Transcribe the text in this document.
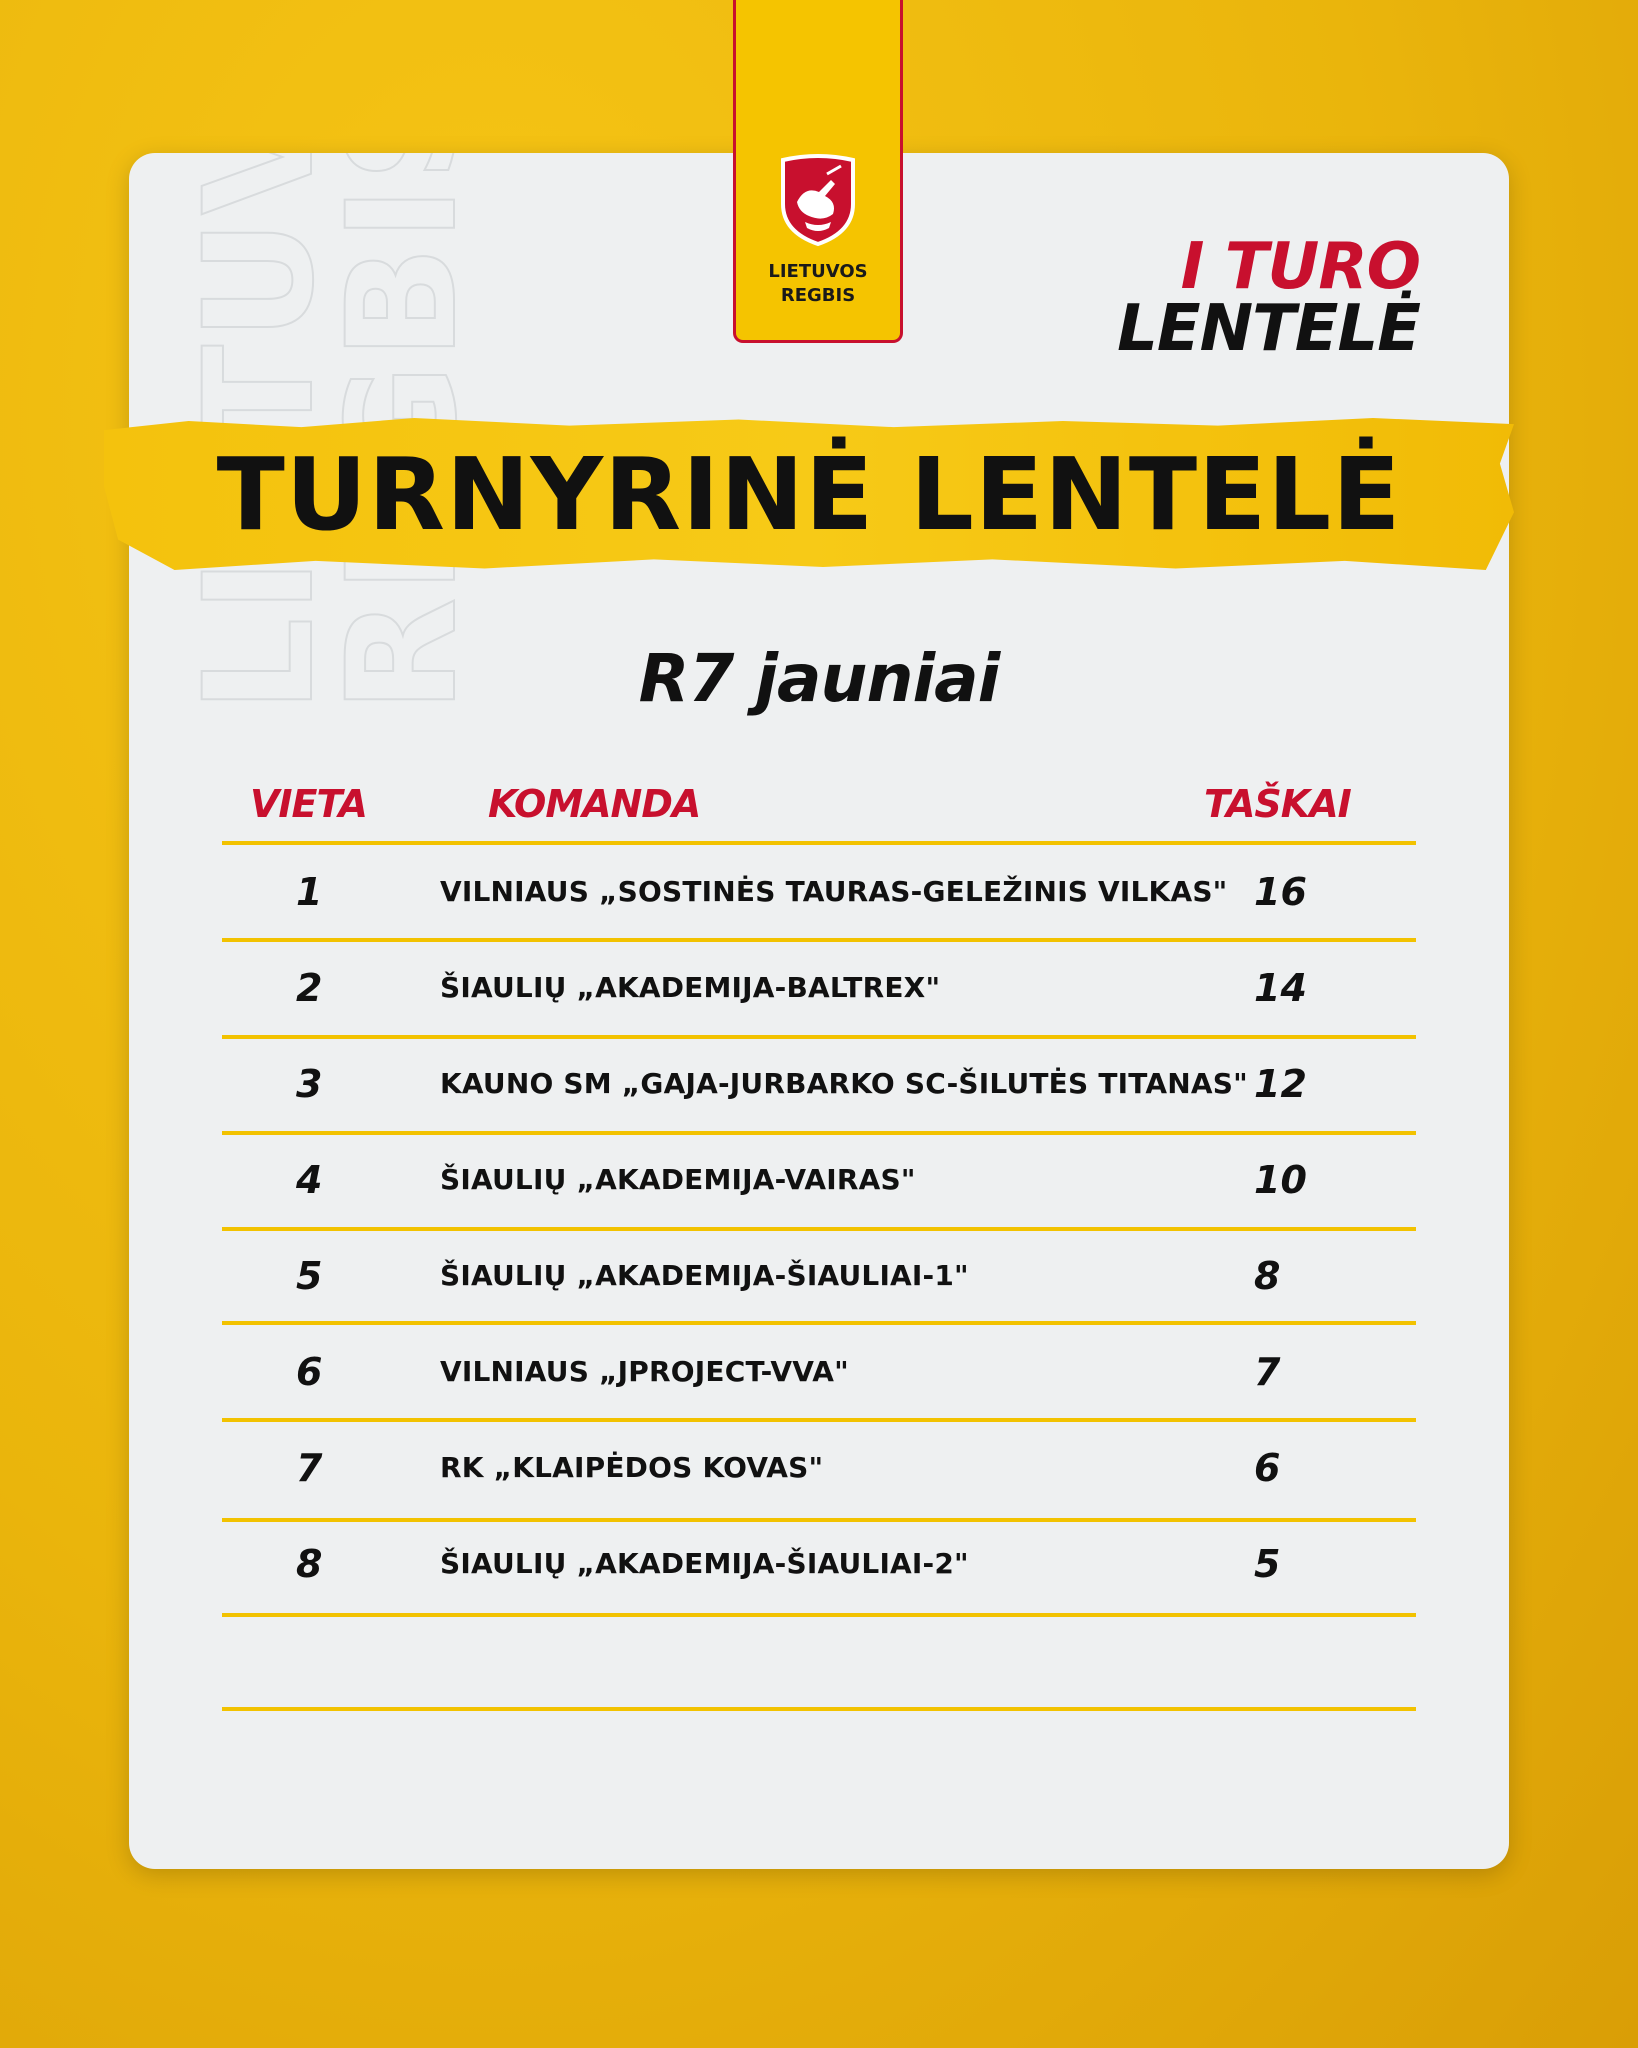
LIETUVOS
REGBIS	I TURO
LENTELĖ
TURNYRINĖ LENTELĖ
R7 jauniai
VIETA	KOMANDA	TAŠKAI
1	VILNIAUS „SOSTINĖS TAURAS-GELEŽINIS VILKAS" 16
2	ŠIAULIŲ „AKADEMIJA-BALTREX"	14
3	KAUNO SM „GAJA-JURBARKO SC-ŠILUTĖS TITANAS" 12
4	ŠIAULIŲ „AKADEMIJA-VAIRAS"	10
5	ŠIAULIŲ „AKADEMIJA-ŠIAULIAI-1"	8
6	VILNIAUS „JPROJECT-VVA"	7
7	RK „KLAIPĖDOS KOVAS"	6
8	ŠIAULIŲ „AKADEMIJA-ŠIAULIAI-2"	5
